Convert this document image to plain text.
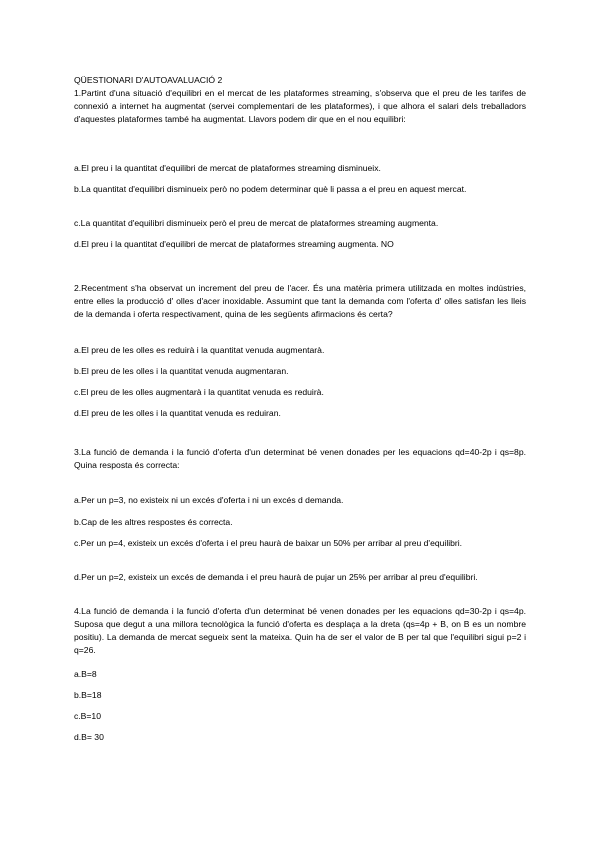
QÜESTIONARI D'AUTOAVALUACIÓ 2

1.Partint d'una situació d'equilibri en el mercat de les plataformes streaming, s'observa que el preu de les tarifes de connexió a internet ha augmentat (servei complementari de les plataformes), i que alhora el salari dels treballadors d'aquestes plataformes també ha augmentat. Llavors podem dir que en el nou equilibri:

a.El preu i la quantitat d'equilibri de mercat de plataformes streaming disminueix.

b.La quantitat d'equilibri disminueix però no podem determinar què li passa a el preu en aquest mercat.

c.La quantitat d'equilibri disminueix però el preu de mercat de plataformes streaming augmenta.

d.El preu i la quantitat d'equilibri de mercat de plataformes streaming augmenta. NO

2.Recentment s'ha observat un increment del preu de l'acer. És una matèria primera utilitzada en moltes indústries, entre elles la producció d' olles d'acer inoxidable. Assumint que tant la demanda com l'oferta d' olles satisfan les lleis de la demanda i oferta respectivament, quina de les següents afirmacions és certa?

a.El preu de les olles es reduirà i la quantitat venuda augmentarà.

b.El preu de les olles i la quantitat venuda augmentaran.

c.El preu de les olles augmentarà i la quantitat venuda es reduirà.

d.El preu de les olles i la quantitat venuda es reduiran.

3.La funció de demanda i la funció d'oferta d'un determinat bé venen donades per les equacions qd=40-2p i qs=8p. Quina resposta és correcta:

a.Per un p=3, no existeix ni un excés d'oferta i ni un excés d demanda.

b.Cap de les altres respostes és correcta.

c.Per un p=4, existeix un excés d'oferta i el preu haurà de baixar un 50% per arribar al preu d'equilibri.

d.Per un p=2, existeix un excés de demanda i el preu haurà de pujar un 25% per arribar al preu d'equilibri.

4.La funció de demanda i la funció d'oferta d'un determinat bé venen donades per les equacions qd=30-2p i qs=4p. Suposa que degut a una millora tecnològica la funció d'oferta es desplaça a la dreta (qs=4p + B, on B es un nombre positiu). La demanda de mercat segueix sent la mateixa. Quin ha de ser el valor de B per tal que l'equilibri sigui p=2 i q=26.

a.B=8

b.B=18

c.B=10

d.B= 30
